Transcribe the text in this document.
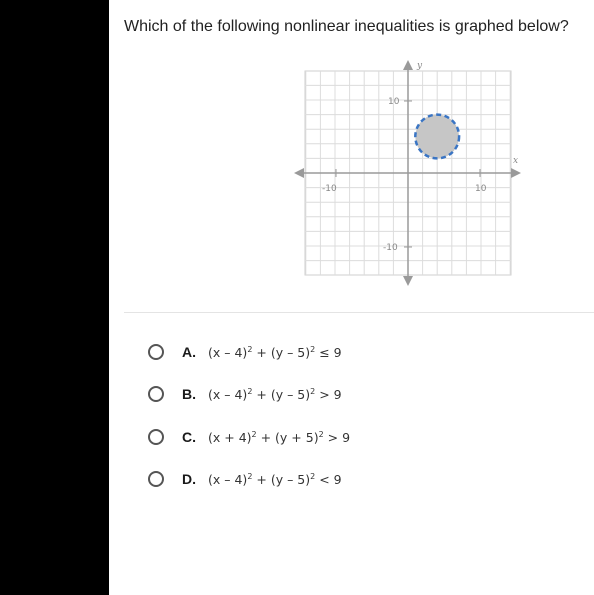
Which of the following nonlinear inequalities is graphed below?
-10	10
10
-10
x
y
A. (x – 4)$^2$ + (y – 5)$^2$ ≤ 9
B. (x – 4)$^2$ + (y – 5)$^2$ > 9
C. $(x + 4)^2 + (y + 5)^2 > 9$
D. (x – 4)$^2$ + (y – 5)$^2$ < 9
